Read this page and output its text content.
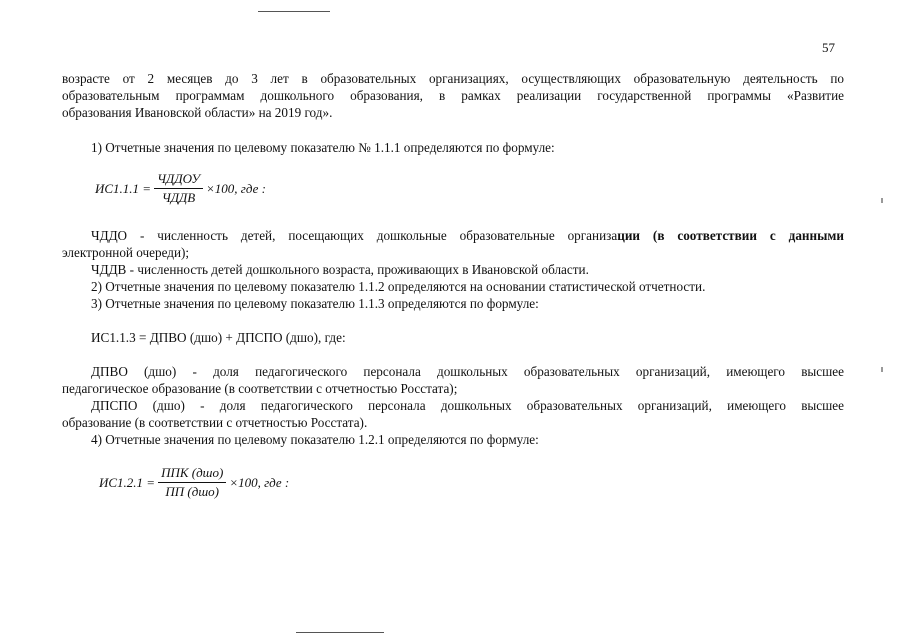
57

возрасте от 2 месяцев до 3 лет в образовательных организациях, осуществляющих образовательную деятельность по

образовательным программам дошкольного образования, в рамках реализации государственной программы «Развитие

образования Ивановской области» на 2019 год».

1) Отчетные значения по целевому показателю № 1.1.1 определяются по формуле:

$ИС1.1.1 = \frac{\text{ЧДДОУ}}{\text{ЧДДВ}} \times 100$, где :

ЧДДО - численность детей, посещающих дошкольные образовательные организации (в соответствии с данными

электронной очереди);

ЧДДВ - численность детей дошкольного возраста, проживающих в Ивановской области.

2) Отчетные значения по целевому показателю 1.1.2 определяются на основании статистической отчетности.

3) Отчетные значения по целевому показателю 1.1.3 определяются по формуле:

ИС1.1.3 = ДПВО (дшо) + ДПСПО (дшо), где:

ДПВО (дшо) - доля педагогического персонала дошкольных образовательных организаций, имеющего высшее

педагогическое образование (в соответствии с отчетностью Росстата);

ДПСПО (дшо) - доля педагогического персонала дошкольных образовательных организаций, имеющего высшее

образование (в соответствии с отчетностью Росстата).

4) Отчетные значения по целевому показателю 1.2.1 определяются по формуле:

$ИС1.2.1 = \frac{\text{ППК (дшо)}}{\text{ПП (дшо)}} \times 100$, где :
